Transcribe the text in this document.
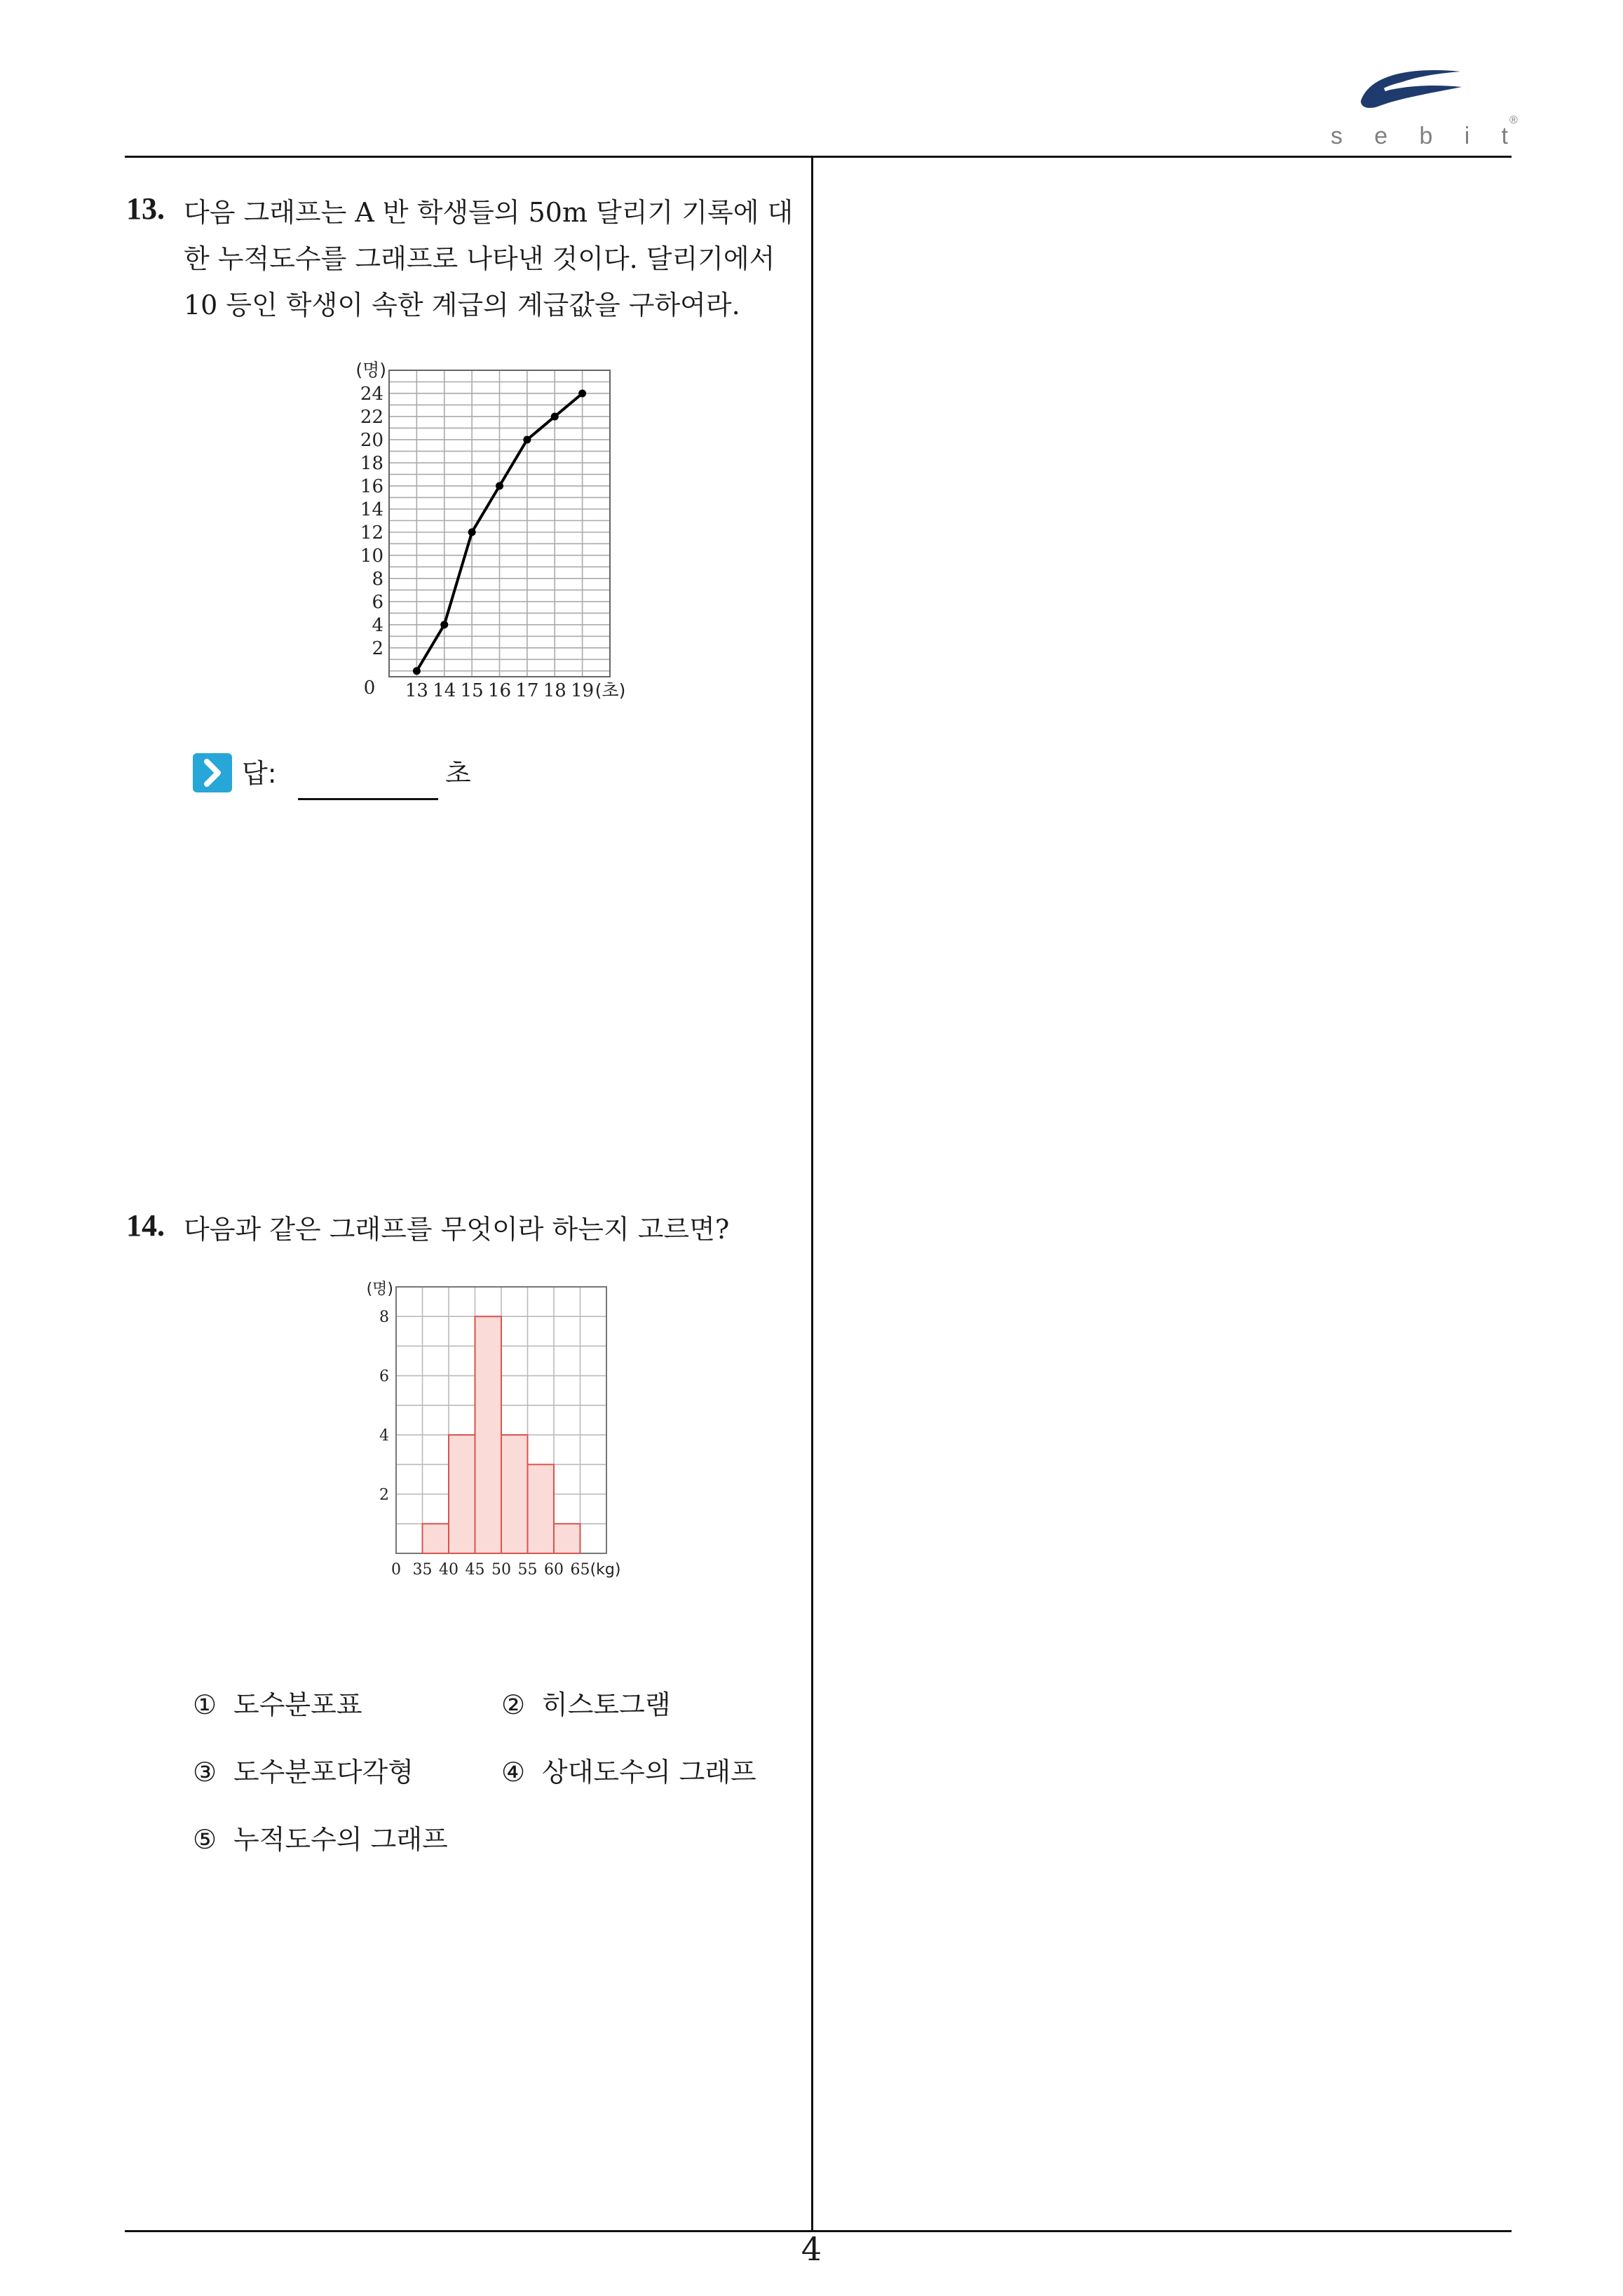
s e b i t
®
13. 다음 그래프는 A 반 학생들의 50m 달리기 기록에 대
한 누적도수를 그래프로 나타낸 것이다. 달리기에서
10 등인 학생이 속한 계급의 계급값을 구하여라.
2
4
6
8
10
12
14
16
18
20
22
24
(명)
0 13 14 15 16 17 18 19 (초)
답:	초
14. 다음과 같은 그래프를 무엇이라 하는지 고르면?
2
4
6
8
(명)
0 35 40 45 50 55 60 65 (kg)
① 도수분포표	② 히스토그램
③ 도수분포다각형	④ 상대도수의 그래프
⑤ 누적도수의 그래프
4
